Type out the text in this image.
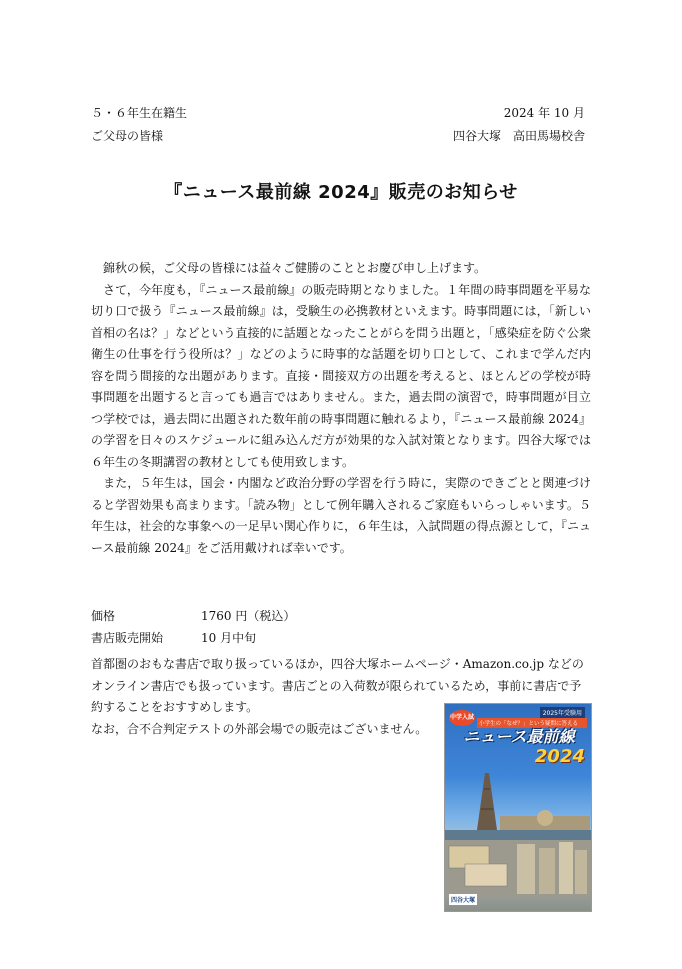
５・６年生在籍生
ご父母の皆様
2024 年 10 月
四谷大塚　高田馬場校舎
『ニュース最前線 2024』販売のお知らせ

錦秋の候，ご父母の皆様には益々ご健勝のこととお慶び申し上げます。

さて，今年度も，『ニュース最前線』の販売時期となりました。１年間の時事問題を平易な切り口で扱う『ニュース最前線』は，受験生の必携教材といえます。時事問題には，「新しい首相の名は？」などという直接的に話題となったことがらを問う出題と，「感染症を防ぐ公衆衛生の仕事を行う役所は？」などのように時事的な話題を切り口として、これまで学んだ内容を問う間接的な出題があります。直接・間接双方の出題を考えると、ほとんどの学校が時事問題を出題すると言っても過言ではありません。また，過去問の演習で，時事問題が目立つ学校では，過去問に出題された数年前の時事問題に触れるより，『ニュース最前線 2024』の学習を日々のスケジュールに組み込んだ方が効果的な入試対策となります。四谷大塚では６年生の冬期講習の教材としても使用致します。

また，５年生は，国会・内閣など政治分野の学習を行う時に，実際のできごとと関連づけると学習効果も高まります。「読み物」として例年購入されるご家庭もいらっしゃいます。５年生は，社会的な事象への一足早い関心作りに，６年生は，入試問題の得点源として，『ニュース最前線 2024』をご活用戴ければ幸いです。

価格	1760 円（税込）
書店販売開始	10 月中旬

首都圏のおもな書店で取り扱っているほか，四谷大塚ホームページ・Amazon.co.jp などのオンライン書店でも扱っています。書店ごとの入荷数が限られているため，事前に書店で予約することをおすすめします。

なお，合不合判定テストの外部会場での販売はございません。

中学入試
2025年受験用
小学生の「なぜ？」という疑問に答える
ニュース最前線
2024
四谷大塚
